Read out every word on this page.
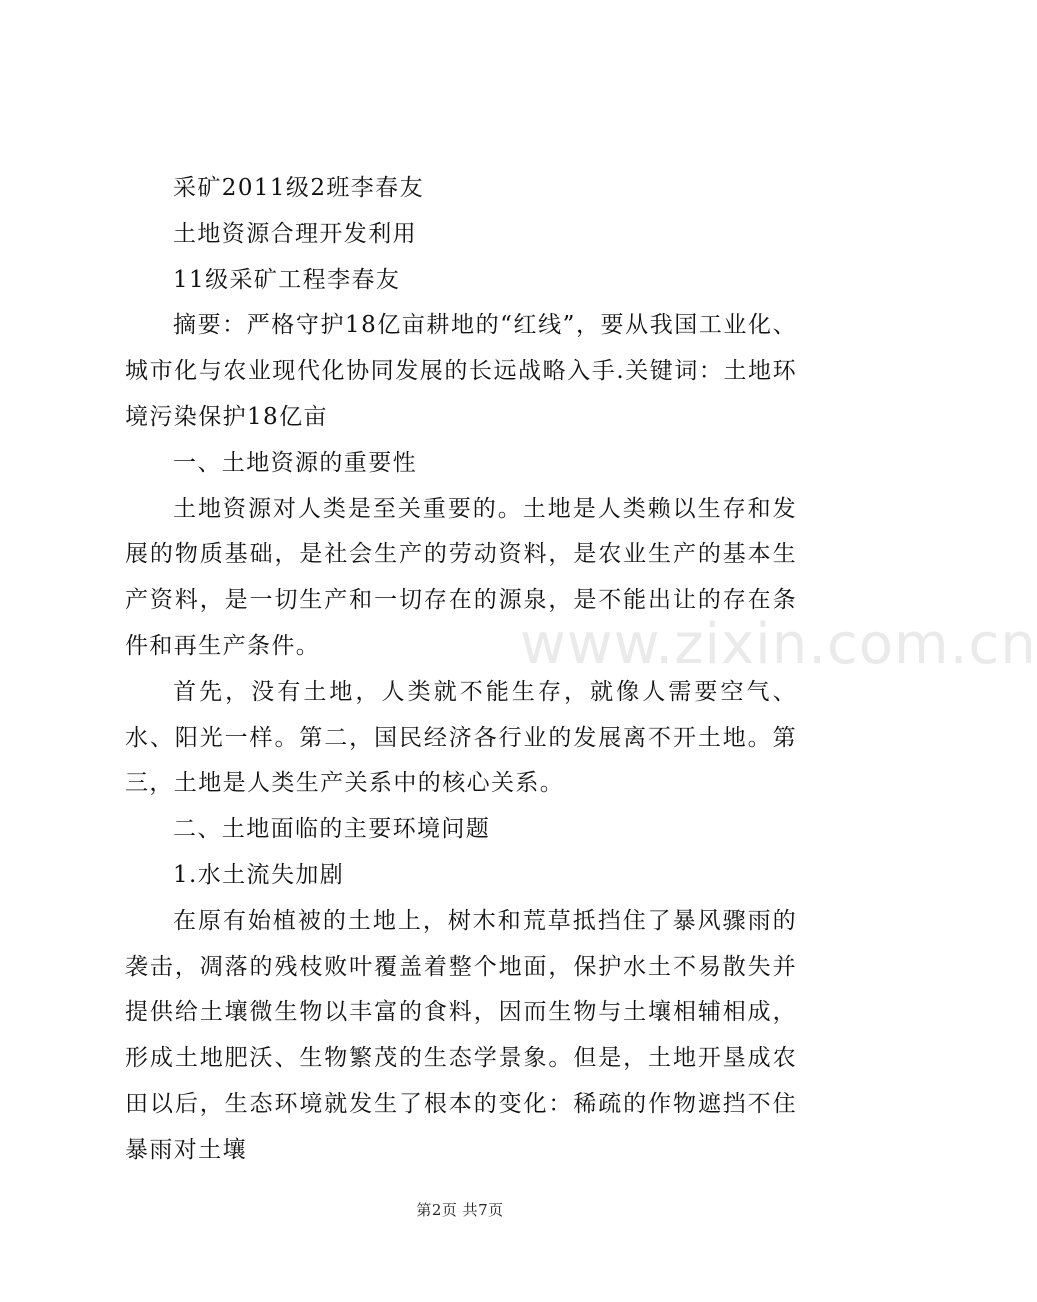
采矿2011级2班李春友

土地资源合理开发利用

11级采矿工程李春友

摘要：严格守护18亿亩耕地的“红线”，要从我国工业化、城市化与农业现代化协同发展的长远战略入手.关键词：土地环境污染保护18亿亩

一、土地资源的重要性

土地资源对人类是至关重要的。土地是人类赖以生存和发展的物质基础，是社会生产的劳动资料，是农业生产的基本生产资料，是一切生产和一切存在的源泉，是不能出让的存在条件和再生产条件。

首先，没有土地，人类就不能生存，就像人需要空气、水、阳光一样。第二，国民经济各行业的发展离不开土地。第三，土地是人类生产关系中的核心关系。

二、土地面临的主要环境问题

1.水土流失加剧

在原有始植被的土地上，树木和荒草抵挡住了暴风骤雨的袭击，凋落的残枝败叶覆盖着整个地面，保护水土不易散失并提供给土壤微生物以丰富的食料，因而生物与土壤相辅相成，形成土地肥沃、生物繁茂的生态学景象。但是，土地开垦成农田以后，生态环境就发生了根本的变化：稀疏的作物遮挡不住暴雨对土壤

www.zixin.com.cn
第2页 共7页
